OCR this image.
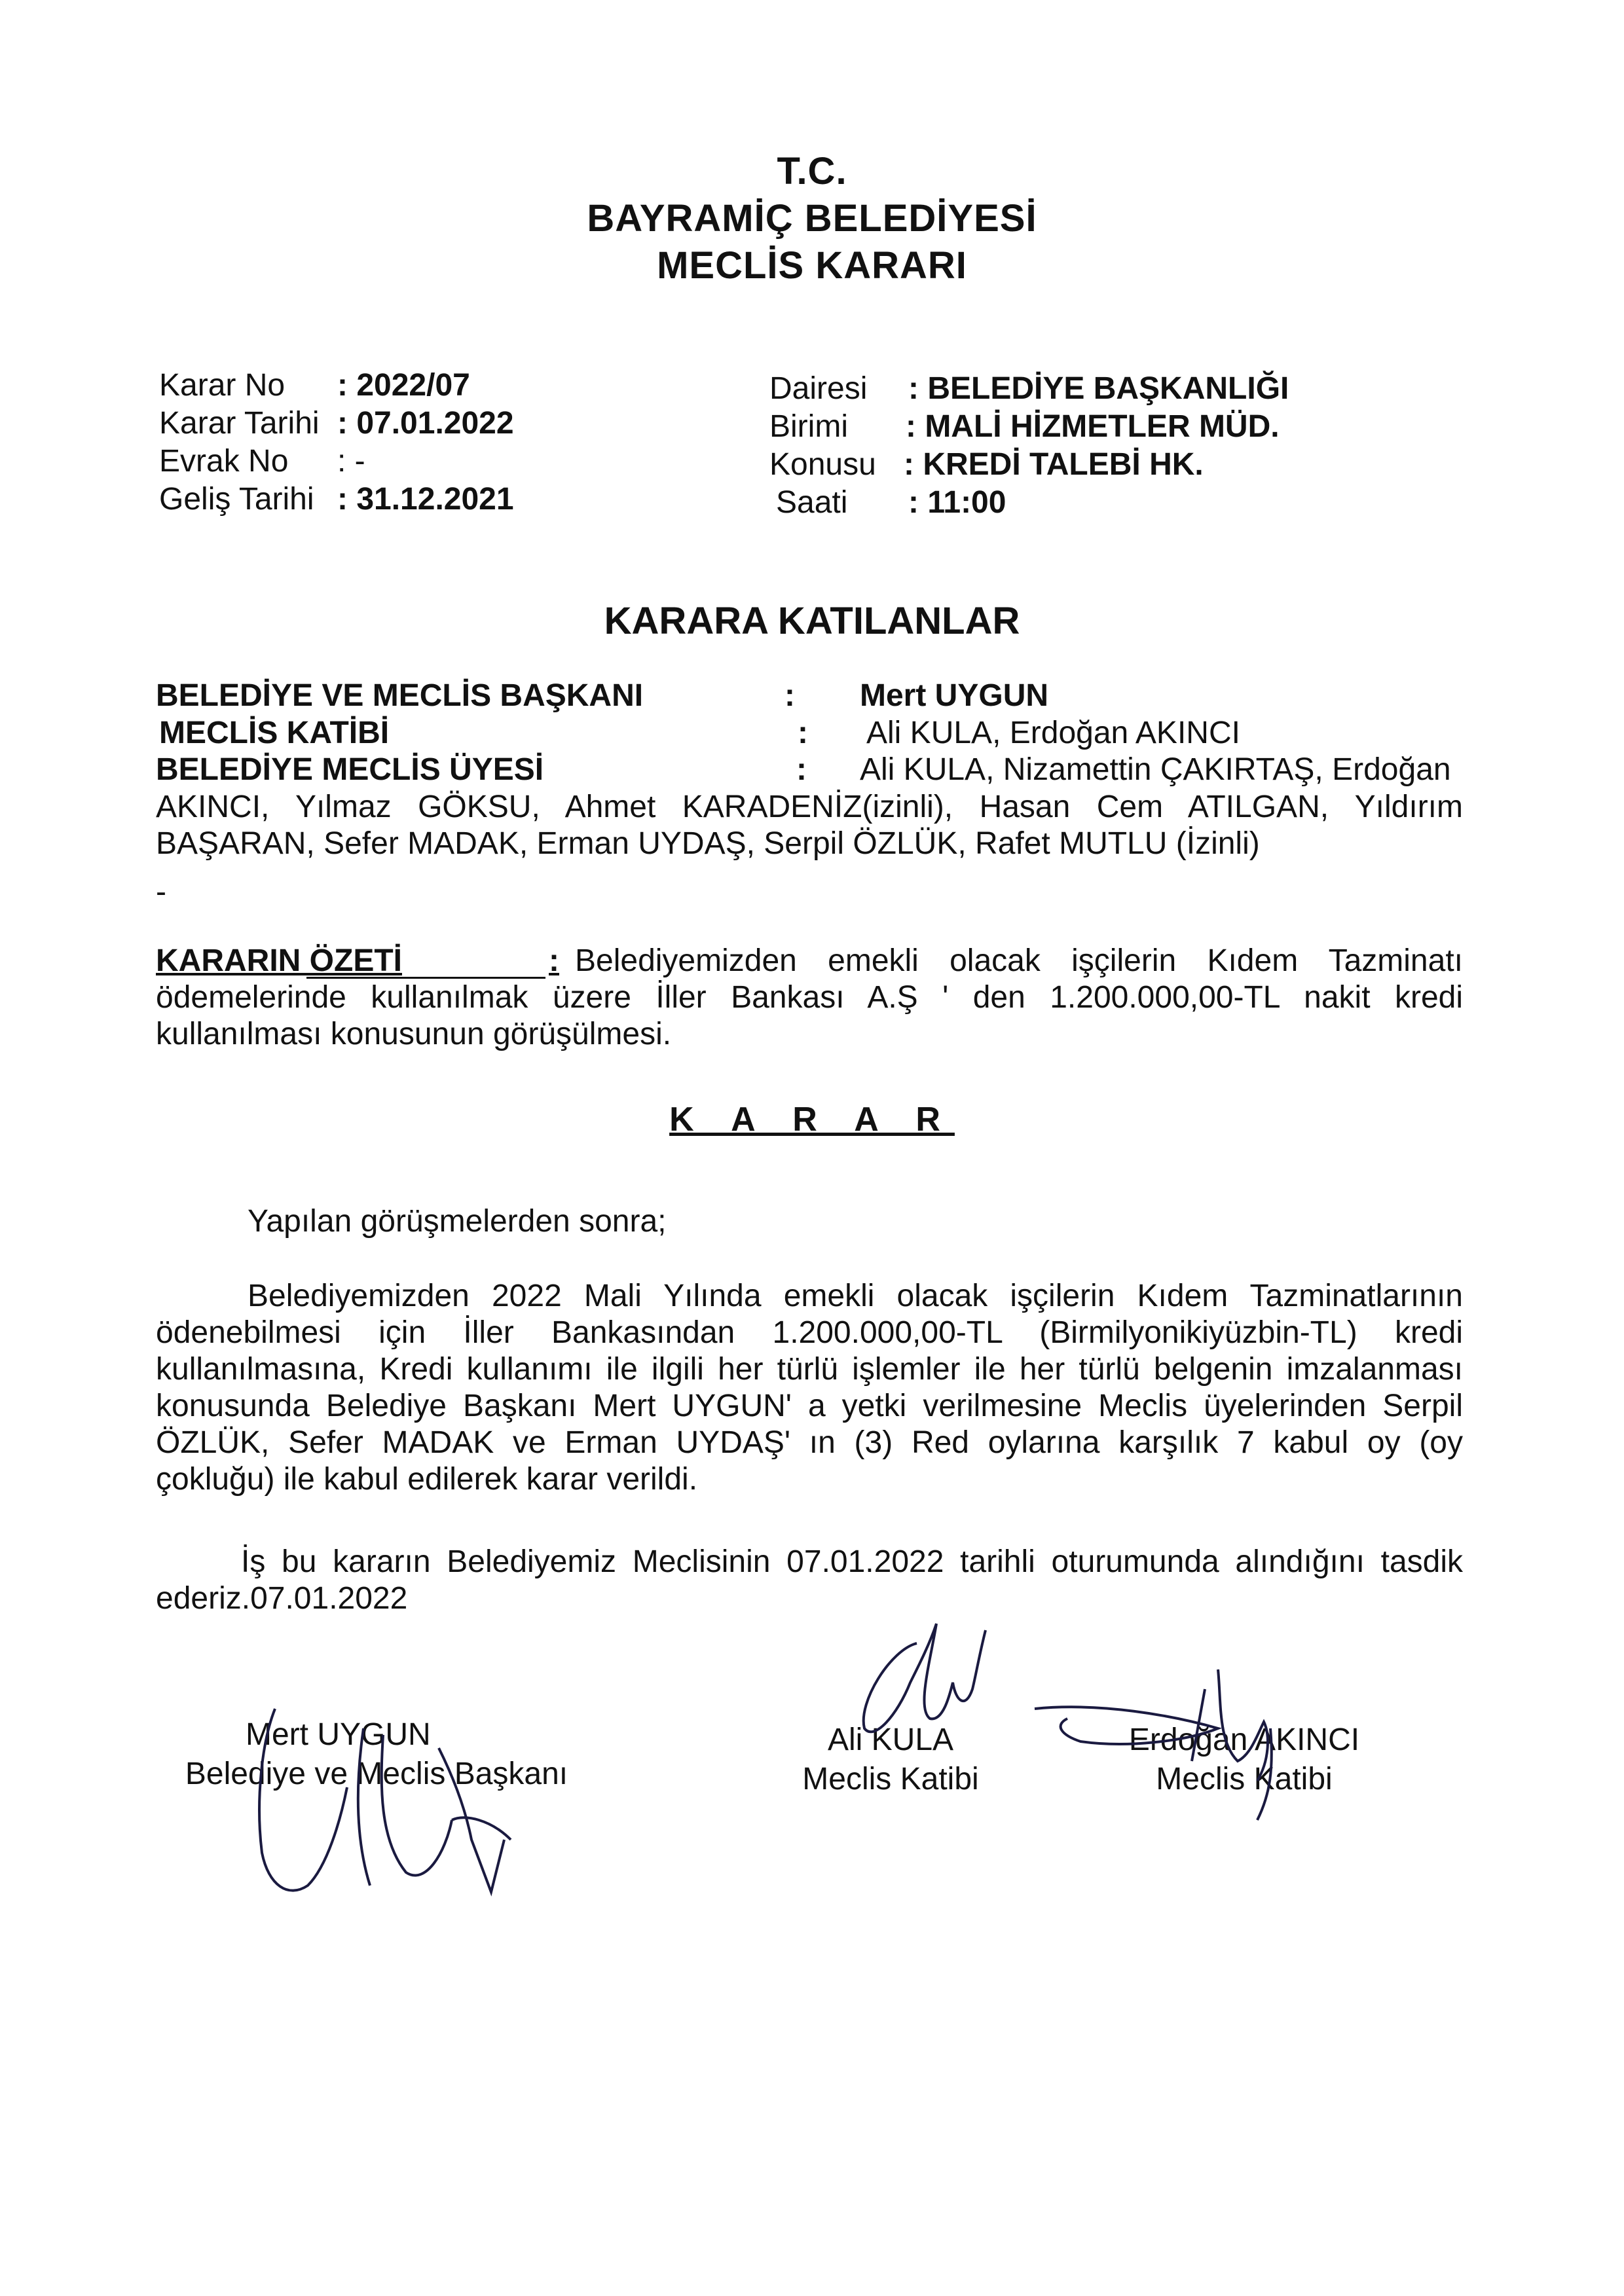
T.C.
BAYRAMİÇ BELEDİYESİ
MECLİS KARARI
Karar No : 2022/07
Karar Tarihi : 07.01.2022
Evrak No : -
Geliş Tarihi : 31.12.2021
Dairesi : BELEDİYE BAŞKANLIĞI
Birimi : MALİ HİZMETLER MÜD.
Konusu : KREDİ TALEBİ HK.
Saati : 11:00
KARARA KATILANLAR
BELEDİYE VE MECLİS BAŞKANI	: Mert UYGUN
MECLİS KATİBİ	: Ali KULA, Erdoğan AKINCI
BELEDİYE MECLİS ÜYESİ	: Ali KULA, Nizamettin ÇAKIRTAŞ, Erdoğan
AKINCI, Yılmaz GÖKSU, Ahmet KARADENİZ(izinli), Hasan Cem ATILGAN, Yıldırım
BAŞARAN, Sefer MADAK, Erman UYDAŞ, Serpil ÖZLÜK, Rafet MUTLU (İzinli)
-
KARARIN ÖZETİ	: Belediyemizden emekli olacak işçilerin Kıdem Tazminatı
ödemelerinde kullanılmak üzere İller Bankası A.Ş ' den 1.200.000,00-TL nakit kredi
kullanılması konusunun görüşülmesi.
K A R A R
Yapılan görüşmelerden sonra;
Belediyemizden 2022 Mali Yılında emekli olacak işçilerin Kıdem Tazminatlarının
ödenebilmesi için İller Bankasından 1.200.000,00-TL (Birmilyonikiyüzbin-TL) kredi
kullanılmasına, Kredi kullanımı ile ilgili her türlü işlemler ile her türlü belgenin imzalanması
konusunda Belediye Başkanı Mert UYGUN' a yetki verilmesine Meclis üyelerinden Serpil
ÖZLÜK, Sefer MADAK ve Erman UYDAŞ' ın (3) Red oylarına karşılık 7 kabul oy (oy
çokluğu) ile kabul edilerek karar verildi.
İş bu kararın Belediyemiz Meclisinin 07.01.2022 tarihli oturumunda alındığını tasdik
ederiz.07.01.2022
Mert UYGUN
Belediye ve Meclis Başkanı
Ali KULA
Meclis Katibi
Erdoğan AKINCI
Meclis Katibi
